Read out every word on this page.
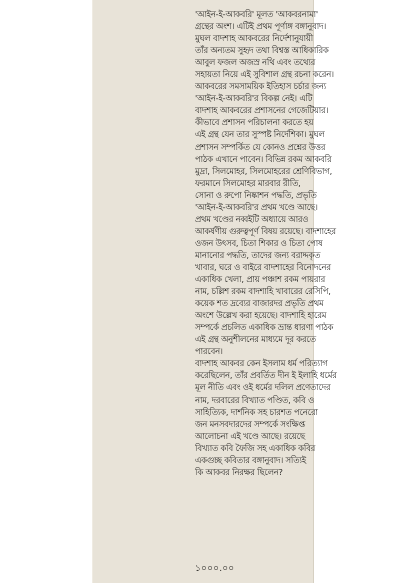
'আইন-ই-আকবরি' মূলত 'আকবরনামা'
গ্রন্থের অংশ। এটিই প্রথম পূর্ণাঙ্গ বঙ্গানুবাদ।
মুঘল বাদশাহ আকবরের নির্দেশানুযায়ী
তাঁর অন্যতম সুহৃদ তথা বিশ্বস্ত আধিকারিক
আবুল ফজল অজস্র নথি এবং তথ্যের
সহায়তা নিয়ে এই সুবিশাল গ্রন্থ রচনা করেন।
আকবরের সমসাময়িক ইতিহাস চর্চার জন্য
'আইন-ই-আকবরি'র বিকল্প নেই। এটি
বাদশাহ আকবরের প্রশাসনের গেজেটিয়ার।
কীভাবে প্রশাসন পরিচালনা করতে হয়
এই গ্রন্থ যেন তার সুস্পষ্ট নির্দেশিকা। মুঘল
প্রশাসন সম্পর্কিত যে কোনও প্রশ্নের উত্তর
পাঠক এখানে পাবেন। বিভিন্ন রকম আকবরি
মুদ্রা, সিলমোহর, সিলমোহরের শ্রেণিবিভাগ,
ফরমানে সিলমোহর মারবার রীতি,
সোনা ও রুপো নিষ্কাশন পদ্ধতি, প্রভৃতি
'আইন-ই-আকবরি'র প্রথম খণ্ডে আছে।
প্রথম খণ্ডের নব্বইটি অধ্যায়ে আরও
আকর্ষণীয় গুরুত্বপূর্ণ বিষয় রয়েছে। বাদশাহের
ওজন উৎসব, চিতা শিকার ও চিতা পোষ
মানানোর পদ্ধতি, তাদের জন্য বরাদ্দকৃত
খাবার, ঘরে ও বাইরে বাদশাহের বিনোদনের
একাধিক খেলা, প্রায় পঞ্চাশ রকম পায়রার
নাম, চল্লিশ রকম বাদশাহি খাবারের রেসিপি,
কয়েক শত দ্রব্যের বাজারদর প্রভৃতি প্রথম
অংশে উল্লেখ করা হয়েছে। বাদশাহি হারেম
সম্পর্কে প্রচলিত একাধিক ভ্রান্ত ধারণা পাঠক
এই গ্রন্থ অনুশীলনের মাধ্যমে দূর করতে
পারবেন।
বাদশাহ আকবর কেন ইসলাম ধর্ম পরিত্যাগ
করেছিলেন, তাঁর প্রবর্তিত দীন ই ইলাহি ধর্মের
মূল নীতি এবং ওই ধর্মের দলিল প্রণেতাদের
নাম, দরবারের বিখ্যাত পণ্ডিত, কবি ও
সাহিত্যিক, দার্শনিক সহ চারশত পনেরো
জন মনসবদারদের সম্পর্কে সংক্ষিপ্ত
আলোচনা এই খণ্ডে আছে। রয়েছে
বিখ্যাত কবি ফৈজি সহ একাধিক কবির
একগুচ্ছ কবিতার বঙ্গানুবাদ। সত্যিই
কি আকবর নিরক্ষর ছিলেন?
১০০০.০০
